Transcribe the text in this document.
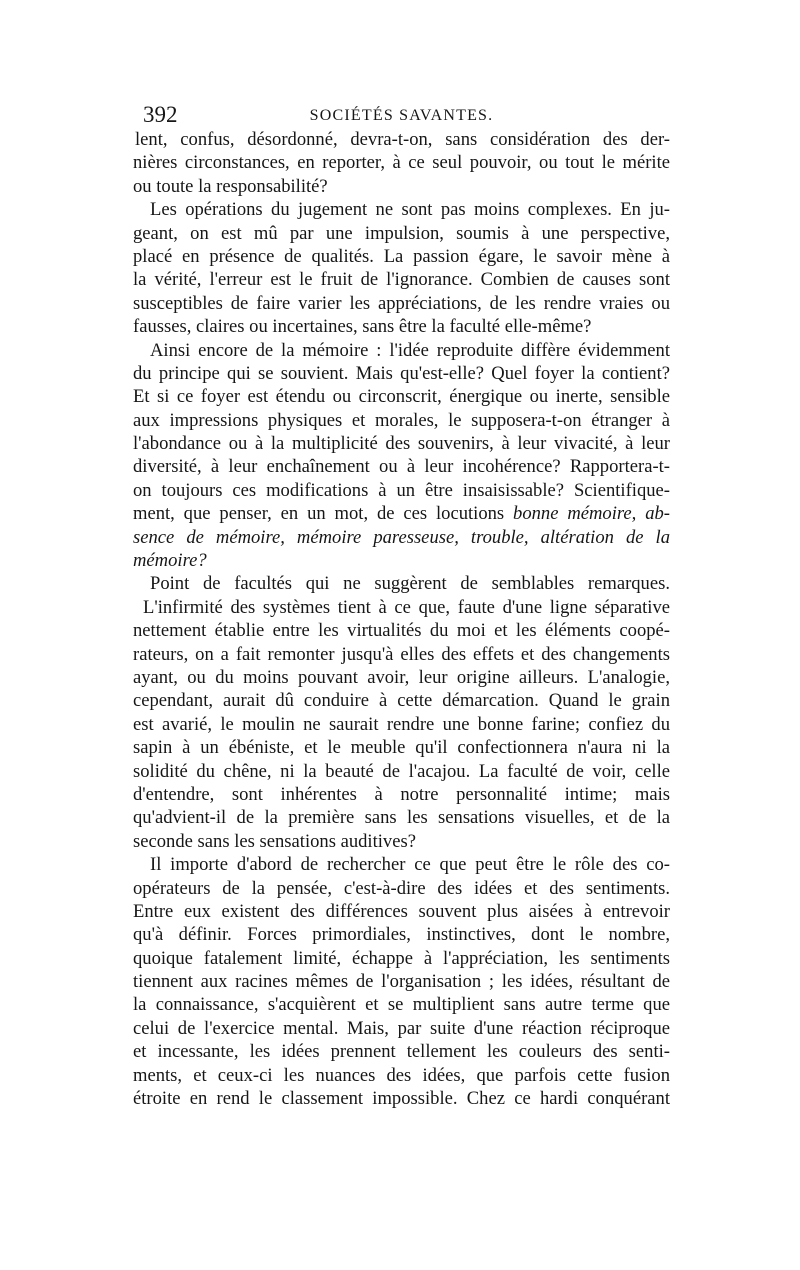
392	SOCIÉTÉS SAVANTES.
lent, confus, désordonné, devra-t-on, sans considération des der-
nières circonstances, en reporter, à ce seul pouvoir, ou tout le mérite
ou toute la responsabilité?
Les opérations du jugement ne sont pas moins complexes. En ju-
geant, on est mû par une impulsion, soumis à une perspective,
placé en présence de qualités. La passion égare, le savoir mène à
la vérité, l'erreur est le fruit de l'ignorance. Combien de causes sont
susceptibles de faire varier les appréciations, de les rendre vraies ou
fausses, claires ou incertaines, sans être la faculté elle-même?
Ainsi encore de la mémoire : l'idée reproduite diffère évidemment
du principe qui se souvient. Mais qu'est-elle? Quel foyer la contient?
Et si ce foyer est étendu ou circonscrit, énergique ou inerte, sensible
aux impressions physiques et morales, le supposera-t-on étranger à
l'abondance ou à la multiplicité des souvenirs, à leur vivacité, à leur
diversité, à leur enchaînement ou à leur incohérence? Rapportera-t-
on toujours ces modifications à un être insaisissable? Scientifique-
ment, que penser, en un mot, de ces locutions bonne mémoire, ab-
sence de mémoire, mémoire paresseuse, trouble, altération de la
mémoire?
Point de facultés qui ne suggèrent de semblables remarques.
L'infirmité des systèmes tient à ce que, faute d'une ligne séparative
nettement établie entre les virtualités du moi et les éléments coopé-
rateurs, on a fait remonter jusqu'à elles des effets et des changements
ayant, ou du moins pouvant avoir, leur origine ailleurs. L'analogie,
cependant, aurait dû conduire à cette démarcation. Quand le grain
est avarié, le moulin ne saurait rendre une bonne farine; confiez du
sapin à un ébéniste, et le meuble qu'il confectionnera n'aura ni la
solidité du chêne, ni la beauté de l'acajou. La faculté de voir, celle
d'entendre, sont inhérentes à notre personnalité intime; mais
qu'advient-il de la première sans les sensations visuelles, et de la
seconde sans les sensations auditives?
Il importe d'abord de rechercher ce que peut être le rôle des co-
opérateurs de la pensée, c'est-à-dire des idées et des sentiments.
Entre eux existent des différences souvent plus aisées à entrevoir
qu'à définir. Forces primordiales, instinctives, dont le nombre,
quoique fatalement limité, échappe à l'appréciation, les sentiments
tiennent aux racines mêmes de l'organisation ; les idées, résultant de
la connaissance, s'acquièrent et se multiplient sans autre terme que
celui de l'exercice mental. Mais, par suite d'une réaction réciproque
et incessante, les idées prennent tellement les couleurs des senti-
ments, et ceux-ci les nuances des idées, que parfois cette fusion
étroite en rend le classement impossible. Chez ce hardi conquérant
